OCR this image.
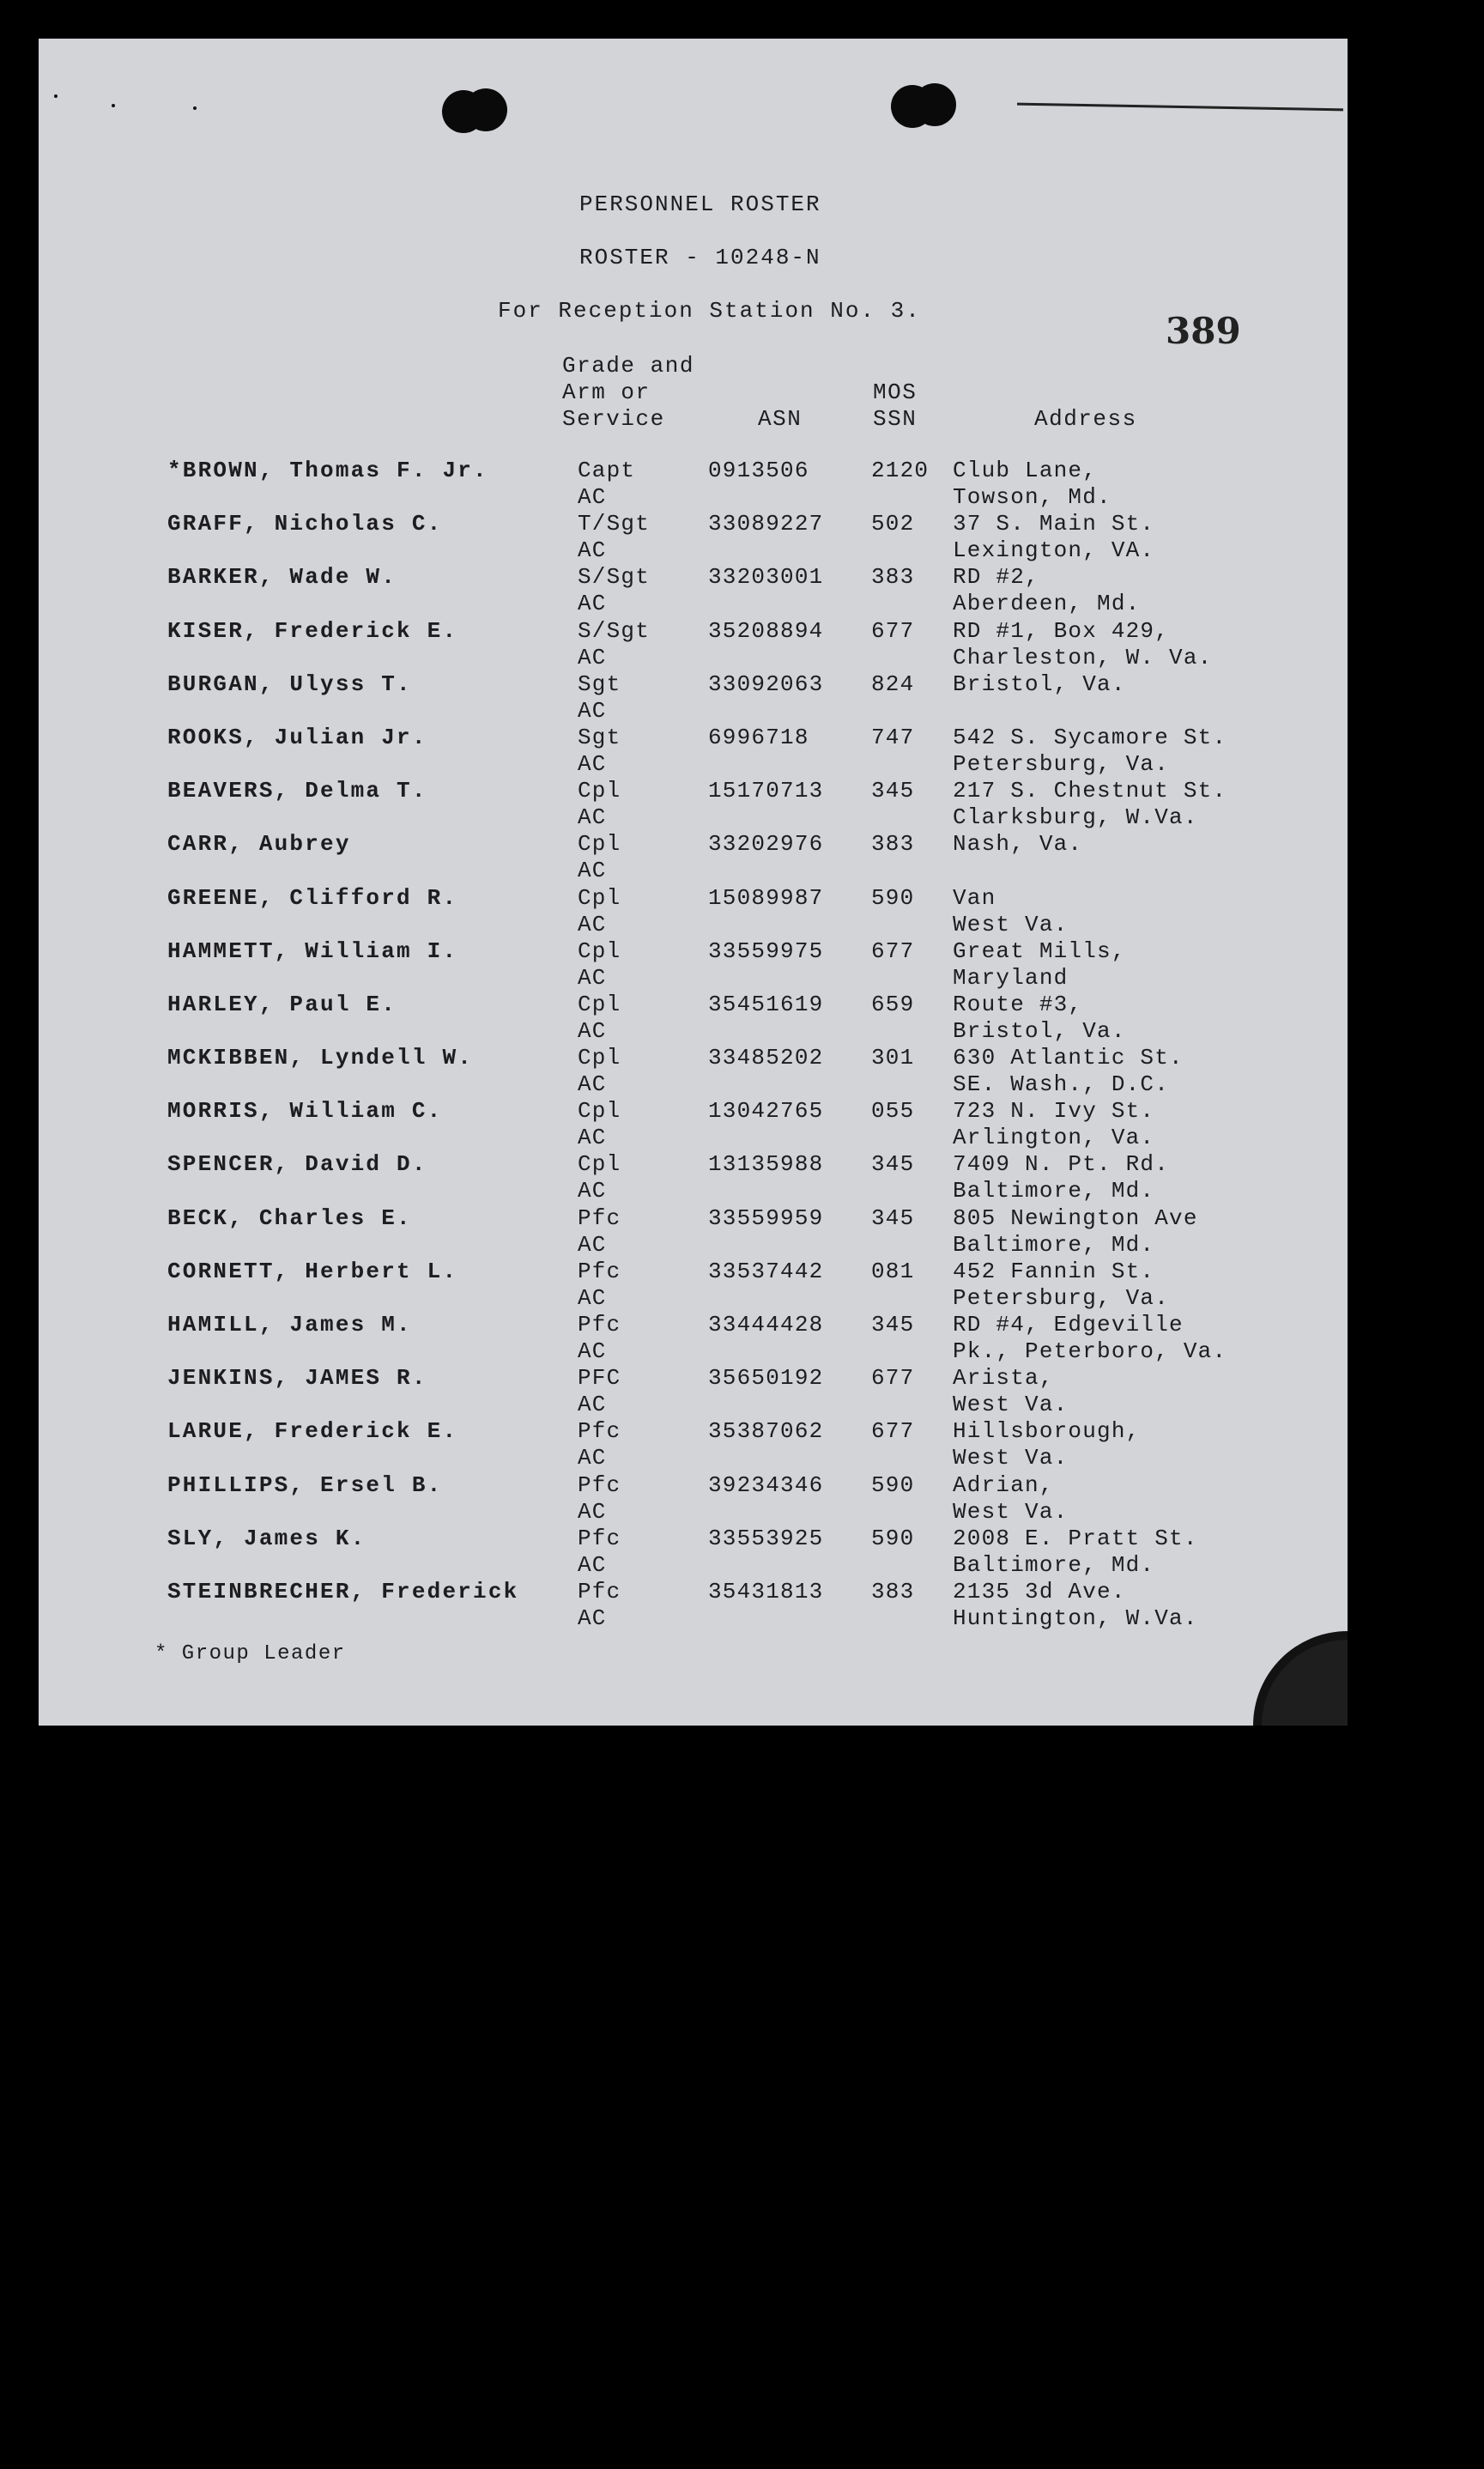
PERSONNEL ROSTER
ROSTER - 10248-N
For Reception Station No. 3.	389
Grade and
Arm or
Service	ASN
MOS
SSN	Address
*BROWN, Thomas F. Jr.	Capt	0913506	2120
AC
Club Lane,
Towson, Md.
GRAFF, Nicholas C.	T/Sgt	33089227 502
AC
37 S. Main St.
Lexington, VA.
BARKER, Wade W.	S/Sgt	33203001 383
AC
RD #2,
Aberdeen, Md.
KISER, Frederick E.	S/Sgt	35208894 677
AC
RD #1, Box 429,
Charleston, W. Va.
BURGAN, Ulyss T.	Sgt	33092063 824
AC
Bristol, Va.
ROOKS, Julian Jr.	Sgt	6996718	747
AC
542 S. Sycamore St.
Petersburg, Va.
BEAVERS, Delma T.	Cpl	15170713 345
AC
217 S. Chestnut St.
Clarksburg, W.Va.
CARR, Aubrey	Cpl	33202976 383
AC
Nash, Va.
GREENE, Clifford R.	Cpl	15089987 590
AC
Van
West Va.
HAMMETT, William I.	Cpl	33559975 677
AC
Great Mills,
Maryland
HARLEY, Paul E.	Cpl	35451619 659
AC
Route #3,
Bristol, Va.
MCKIBBEN, Lyndell W.	Cpl	33485202 301
AC
630 Atlantic St.
SE. Wash., D.C.
MORRIS, William C.	Cpl	13042765 055
AC
723 N. Ivy St.
Arlington, Va.
SPENCER, David D.	Cpl	13135988 345
AC
7409 N. Pt. Rd.
Baltimore, Md.
BECK, Charles E.	Pfc	33559959 345
AC
805 Newington Ave
Baltimore, Md.
CORNETT, Herbert L.	Pfc	33537442 081
AC
452 Fannin St.
Petersburg, Va.
HAMILL, James M.	Pfc	33444428 345
AC
RD #4, Edgeville
Pk., Peterboro, Va.
JENKINS, JAMES R.	PFC	35650192 677
AC
Arista,
West Va.
LARUE, Frederick E.	Pfc	35387062 677
AC
Hillsborough,
West Va.
PHILLIPS, Ersel B.	Pfc	39234346 590
AC
Adrian,
West Va.
SLY, James K.	Pfc	33553925 590
AC
2008 E. Pratt St.
Baltimore, Md.
STEINBRECHER, Frederick	Pfc	35431813 383
AC
2135 3d Ave.
Huntington, W.Va.
* Group Leader
